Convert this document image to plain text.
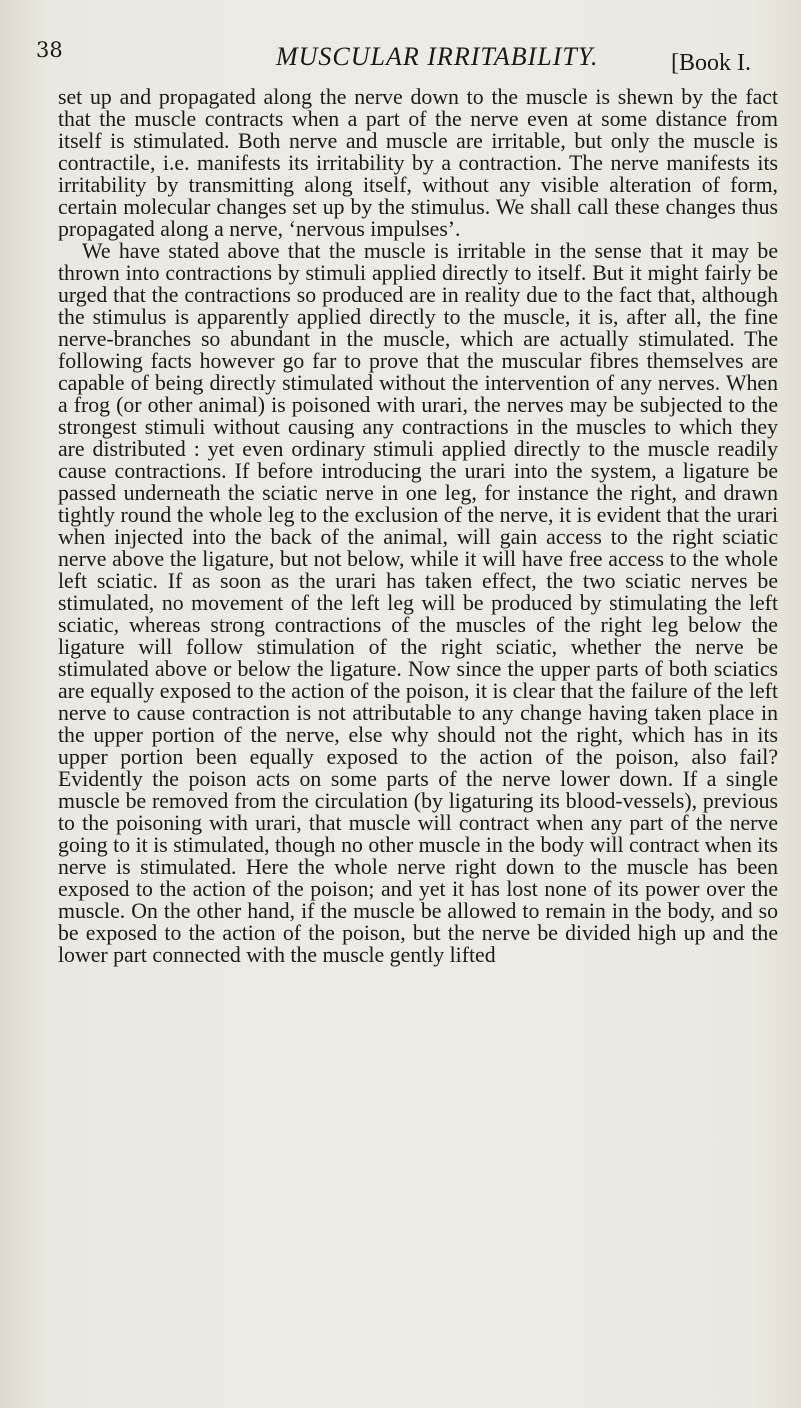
38	MUSCULAR IRRITABILITY.	[Book I.

set up and propagated along the nerve down to the muscle is shewn by the fact that the muscle contracts when a part of the nerve even at some distance from itself is stimulated. Both nerve and muscle are irritable, but only the muscle is contractile, i.e. manifests its irritability by a contraction. The nerve manifests its irritability by transmitting along itself, without any visible alteration of form, certain molecular changes set up by the stimulus. We shall call these changes thus propagated along a nerve, ‘nervous impulses’.

We have stated above that the muscle is irritable in the sense that it may be thrown into contractions by stimuli applied directly to itself. But it might fairly be urged that the contractions so produced are in reality due to the fact that, although the stimulus is apparently applied directly to the muscle, it is, after all, the fine nerve-branches so abundant in the muscle, which are actually stimulated. The following facts however go far to prove that the muscular fibres themselves are capable of being directly stimulated without the intervention of any nerves. When a frog (or other animal) is poisoned with urari, the nerves may be subjected to the strongest stimuli without causing any contractions in the muscles to which they are distributed : yet even ordinary stimuli applied directly to the muscle readily cause contractions. If before introducing the urari into the system, a ligature be passed underneath the sciatic nerve in one leg, for instance the right, and drawn tightly round the whole leg to the exclusion of the nerve, it is evident that the urari when injected into the back of the animal, will gain access to the right sciatic nerve above the ligature, but not below, while it will have free access to the whole left sciatic. If as soon as the urari has taken effect, the two sciatic nerves be stimulated, no movement of the left leg will be produced by stimulating the left sciatic, whereas strong contractions of the muscles of the right leg below the ligature will follow stimulation of the right sciatic, whether the nerve be stimulated above or below the ligature. Now since the upper parts of both sciatics are equally exposed to the action of the poison, it is clear that the failure of the left nerve to cause contraction is not attributable to any change having taken place in the upper portion of the nerve, else why should not the right, which has in its upper portion been equally exposed to the action of the poison, also fail? Evidently the poison acts on some parts of the nerve lower down. If a single muscle be removed from the circulation (by ligaturing its blood-vessels), previous to the poisoning with urari, that muscle will contract when any part of the nerve going to it is stimulated, though no other muscle in the body will contract when its nerve is stimulated. Here the whole nerve right down to the muscle has been exposed to the action of the poison; and yet it has lost none of its power over the muscle. On the other hand, if the muscle be allowed to remain in the body, and so be exposed to the action of the poison, but the nerve be divided high up and the lower part connected with the muscle gently lifted
